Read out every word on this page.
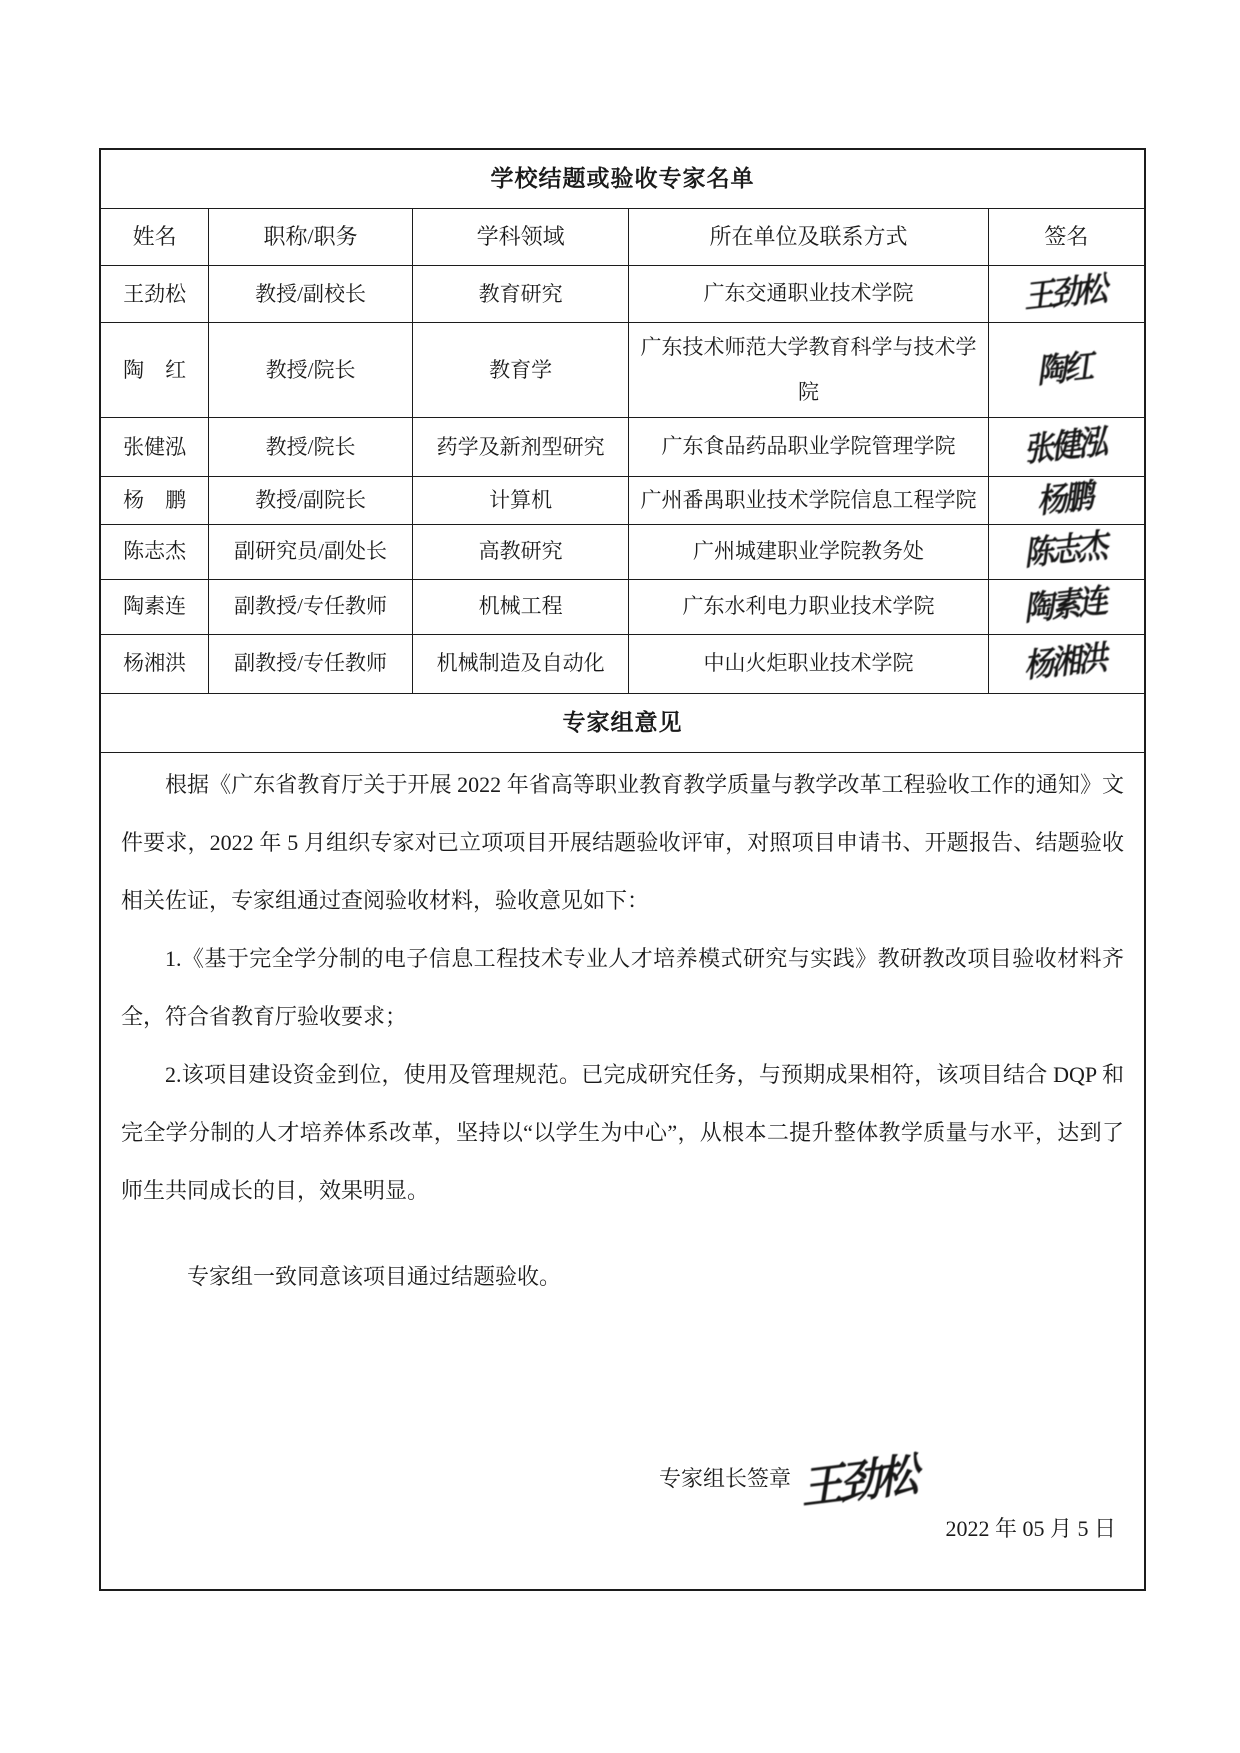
学校结题或验收专家名单				
姓名	职称/职务	学科领域	所在单位及联系方式	签名
王劲松	教授/副校长	教育研究	广东交通职业技术学院	王劲松
陶　红	教授/院长	教育学	广东技术师范大学教育科学与技术学院	陶红
张健泓	教授/院长	药学及新剂型研究	广东食品药品职业学院管理学院	张健泓
杨　鹏	教授/副院长	计算机	广州番禺职业技术学院信息工程学院	杨鹏
陈志杰	副研究员/副处长	高教研究	广州城建职业学院教务处	陈志杰
陶素连	副教授/专任教师	机械工程	广东水利电力职业技术学院	陶素连
杨湘洪	副教授/专任教师	机械制造及自动化	中山火炬职业技术学院	杨湘洪
专家组意见				

根据《广东省教育厅关于开展 2022 年省高等职业教育教学质量与教学改革工程验收工作的通知》文件要求，2022 年 5 月组织专家对已立项项目开展结题验收评审，对照项目申请书、开题报告、结题验收相关佐证，专家组通过查阅验收材料，验收意见如下：

1.《基于完全学分制的电子信息工程技术专业人才培养模式研究与实践》教研教改项目验收材料齐全，符合省教育厅验收要求；

2.该项目建设资金到位，使用及管理规范。已完成研究任务，与预期成果相符，该项目结合 DQP 和完全学分制的人才培养体系改革，坚持以“以学生为中心”，从根本二提升整体教学质量与水平，达到了师生共同成长的目，效果明显。

专家组一致同意该项目通过结题验收。

专家组长签章 王劲松

2022 年 05 月 5 日
